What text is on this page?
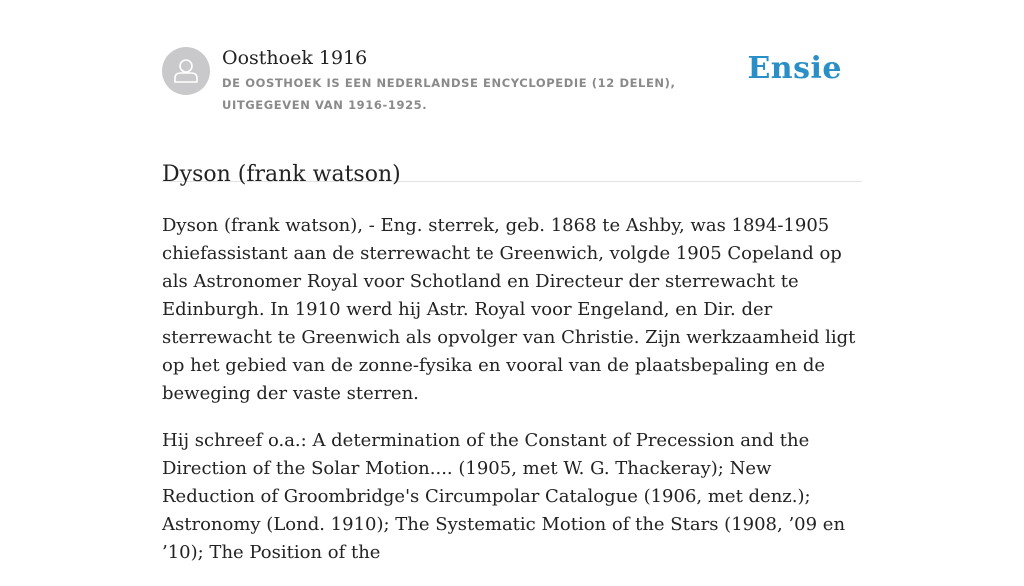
Oosthoek 1916
DE OOSTHOEK IS EEN NEDERLANDSE ENCYCLOPEDIE (12 DELEN), UITGEGEVEN VAN 1916-1925.
Ensie
Dyson (frank watson)

Dyson (frank watson), - Eng. sterrek, geb. 1868 te Ashby, was 1894-1905 chiefassistant aan de sterrewacht te Greenwich, volgde 1905 Copeland op als Astronomer Royal voor Schotland en Directeur der sterrewacht te Edinburgh. In 1910 werd hij Astr. Royal voor Engeland, en Dir. der sterrewacht te Greenwich als opvolger van Christie. Zijn werkzaamheid ligt op het gebied van de zonne-fysika en vooral van de plaatsbepaling en de beweging der vaste sterren.

Hij schreef o.a.: A determination of the Constant of Precession and the Direction of the Solar Motion.... (1905, met W. G. Thackeray); New Reduction of Groombridge's Circumpolar Catalogue (1906, met denz.); Astronomy (Lond. 1910); The Systematic Motion of the Stars (1908, ’09 en ’10); The Position of the
